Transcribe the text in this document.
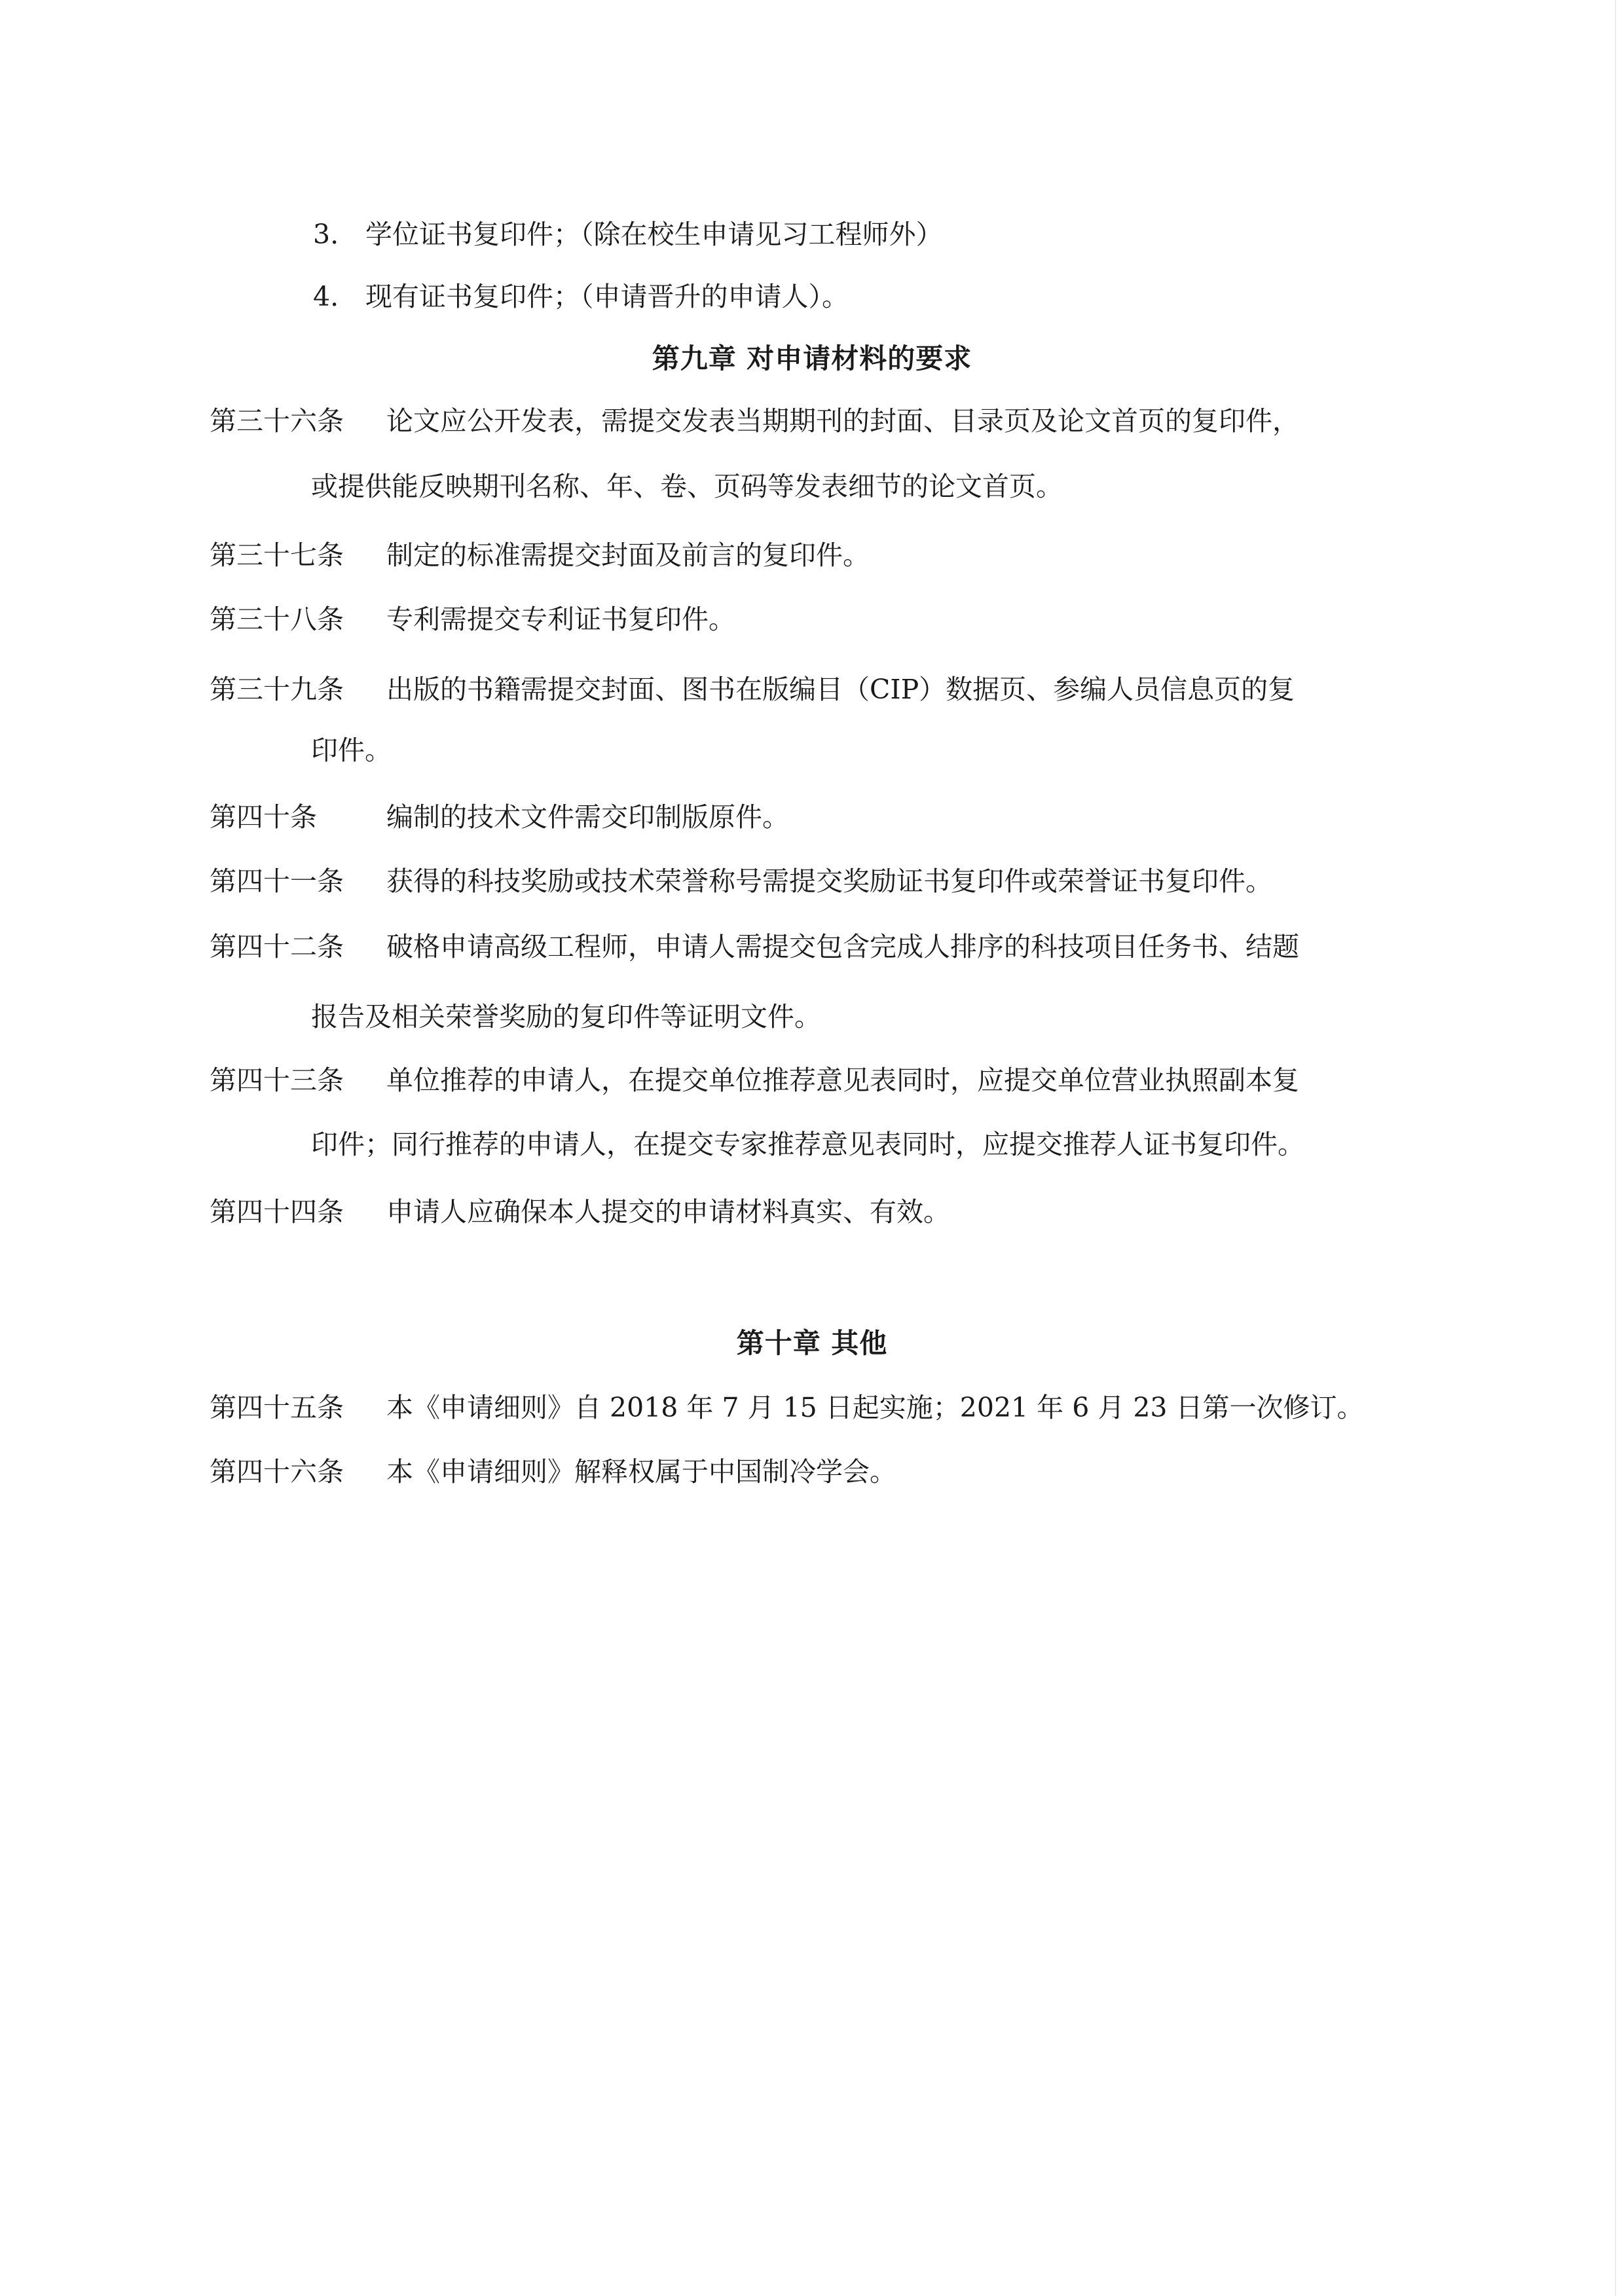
3. 学位证书复印件；（除在校生申请见习工程师外）
4. 现有证书复印件；（申请晋升的申请人）。
第九章 对申请材料的要求
第三十六条 论文应公开发表，需提交发表当期期刊的封面、目录页及论文首页的复印件，
或提供能反映期刊名称、年、卷、页码等发表细节的论文首页。
第三十七条 制定的标准需提交封面及前言的复印件。
第三十八条 专利需提交专利证书复印件。
第三十九条 出版的书籍需提交封面、图书在版编目（CIP）数据页、参编人员信息页的复
印件。
第四十条	编制的技术文件需交印制版原件。
第四十一条 获得的科技奖励或技术荣誉称号需提交奖励证书复印件或荣誉证书复印件。
第四十二条 破格申请高级工程师，申请人需提交包含完成人排序的科技项目任务书、结题
报告及相关荣誉奖励的复印件等证明文件。
第四十三条 单位推荐的申请人，在提交单位推荐意见表同时，应提交单位营业执照副本复
印件；同行推荐的申请人，在提交专家推荐意见表同时，应提交推荐人证书复印件。
第四十四条 申请人应确保本人提交的申请材料真实、有效。
第十章 其他
第四十五条 本《申请细则》自 2018 年 7 月 15 日起实施；2021 年 6 月 23 日第一次修订。
第四十六条 本《申请细则》解释权属于中国制冷学会。
